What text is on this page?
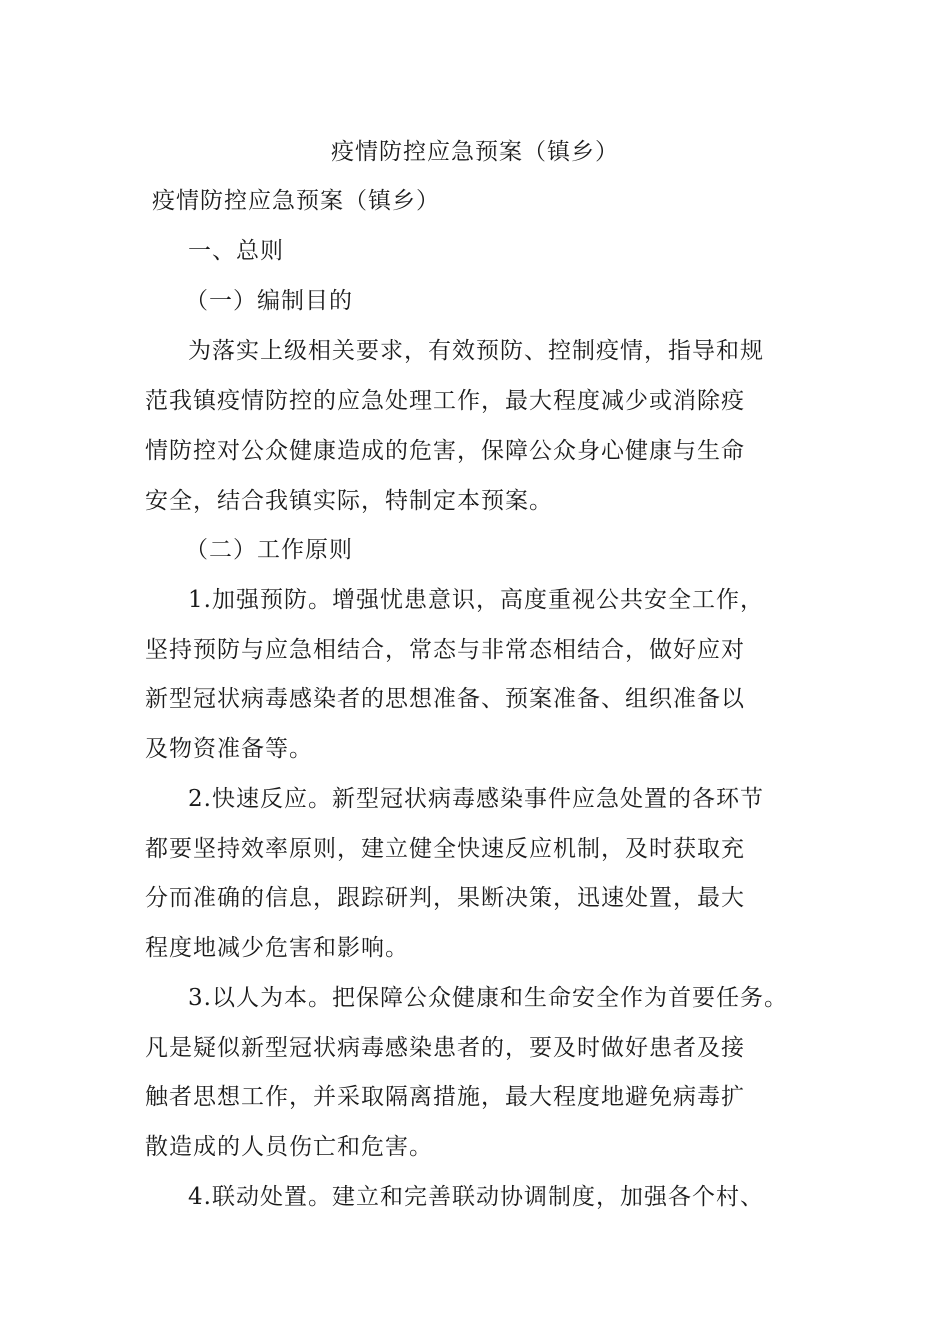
疫情防控应急预案（镇乡）
疫情防控应急预案（镇乡）
一、总则
（一）编制目的
为落实上级相关要求，有效预防、控制疫情，指导和规
范我镇疫情防控的应急处理工作，最大程度减少或消除疫
情防控对公众健康造成的危害，保障公众身心健康与生命
安全，结合我镇实际，特制定本预案。
（二）工作原则
1.加强预防。增强忧患意识，高度重视公共安全工作，
坚持预防与应急相结合，常态与非常态相结合，做好应对
新型冠状病毒感染者的思想准备、预案准备、组织准备以
及物资准备等。
2.快速反应。新型冠状病毒感染事件应急处置的各环节
都要坚持效率原则，建立健全快速反应机制，及时获取充
分而准确的信息，跟踪研判，果断决策，迅速处置，最大
程度地减少危害和影响。
3.以人为本。把保障公众健康和生命安全作为首要任务。
凡是疑似新型冠状病毒感染患者的，要及时做好患者及接
触者思想工作，并采取隔离措施，最大程度地避免病毒扩
散造成的人员伤亡和危害。
4.联动处置。建立和完善联动协调制度，加强各个村、
